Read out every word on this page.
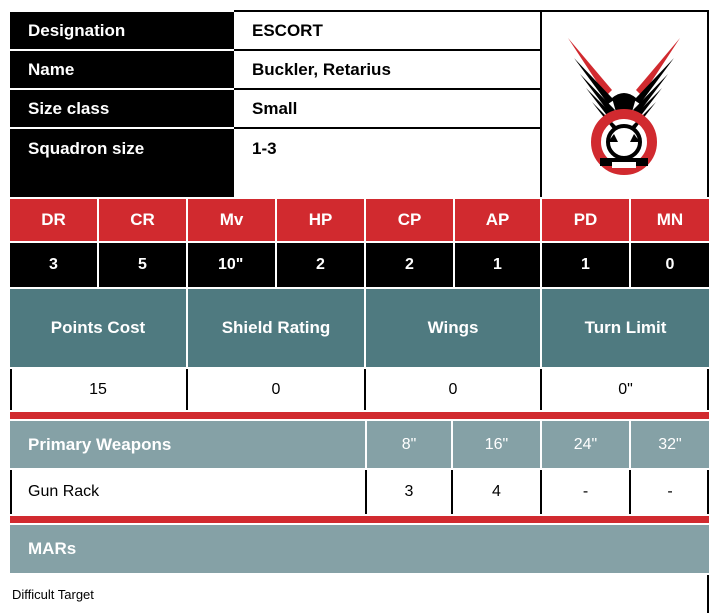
Designation	ESCORT
Name	Buckler, Retarius
Size class	Small
Squadron size	1-3
DR	CR	Mv	HP	CP	AP	PD	MN
3	5	10"	2	2	1	1	0
Points Cost	Shield Rating	Wings	Turn Limit
15	0	0	0"
Primary Weapons	8"	16"	24"	32"
Gun Rack	3	4	-	-
MARs
Difficult Target
